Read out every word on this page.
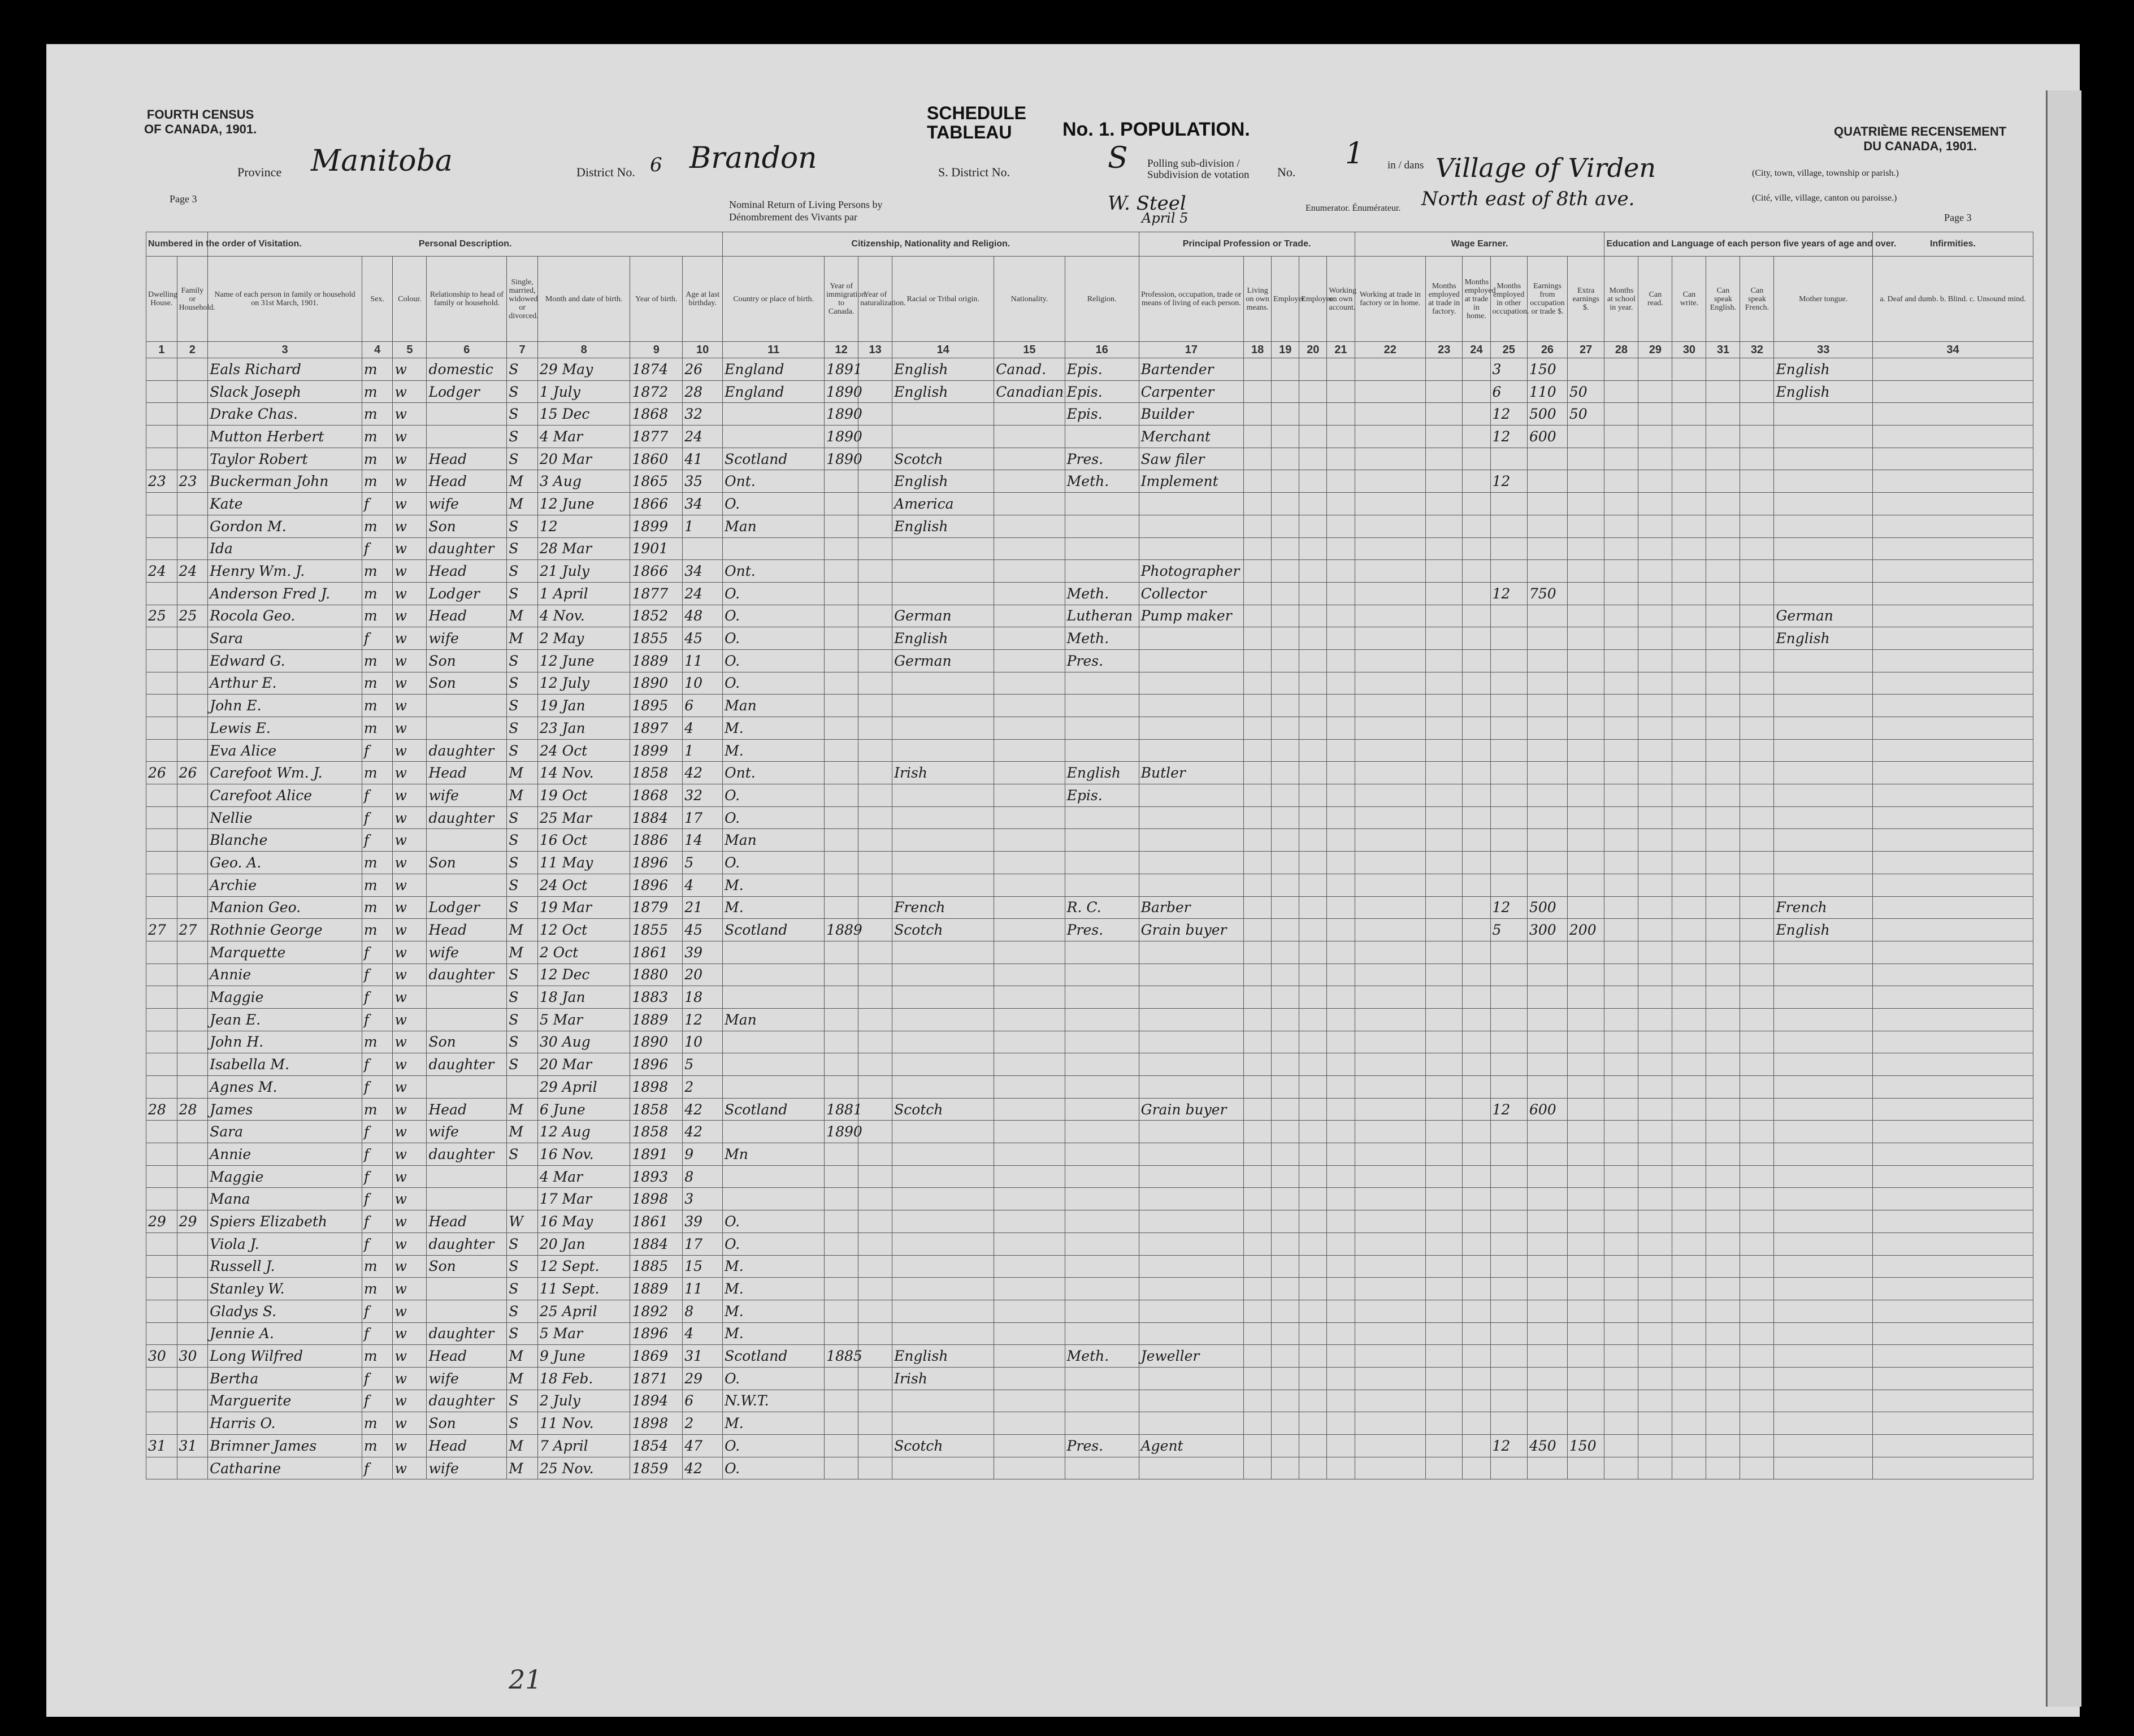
FOURTH CENSUS
OF CANADA, 1901.
SCHEDULE
TABLEAU	No. 1. POPULATION.	QUATRIÈME RECENSEMENT
DU CANADA, 1901.
Province Manitoba	District No. 6 Brandon	S. District No.	S Polling sub-division / Subdivision de votation	No.
1 in / dans Village of Virden
North east of 8th ave.
(City, town, village, township or parish.)
(Cité, ville, village, canton ou paroisse.)
Page 3
Page 3
Nominal Return of Living Persons by
Dénombrement des Vivants par
W. Steel
April 5
Enumerator. Énumérateur.
Numbered in the order of Visitation.		Personal Description.								Citizenship, Nationality and Religion.						Principal Profession or Trade.					Wage Earner.						Education and Language of each person five years of age and over.						Infirmities.
Dwelling House.	Family or Household.	Name of each person in family or household on 31st March, 1901.	Sex.	Colour.	Relationship to head of family or household.	Single, married, widowed or divorced.	Month and date of birth.	Year of birth.	Age at last birthday.	Country or place of birth.	Year of immigration to Canada.	Year of naturalization.	Racial or Tribal origin.	Nationality.	Religion.	Profession, occupation, trade or means of living of each person.	Living on own means.	Employer.	Employee.	Working on own account.	Working at trade in factory or in home.	Months employed at trade in factory.	Months employed at trade in home.	Months employed in other occupation.	Earnings from occupation or trade $.	Extra earnings $.	Months at school in year.	Can read.	Can write.	Can speak English.	Can speak French.	Mother tongue.	a. Deaf and dumb. b. Blind. c. Unsound mind.
1	2	3	4	5	6	7	8	9	10	11	12	13	14	15	16	17	18	19	20	21	22	23	24	25	26	27	28	29	30	31	32	33	34
		Eals Richard	m	w	domestic	S	29 May	1874	26	England	1891		English	Canad.	Epis.	Bartender								3	150							English	
		Slack Joseph	m	w	Lodger	S	1 July	1872	28	England	1890		English	Canadian	Epis.	Carpenter								6	110	50						English	
		Drake Chas.	m	w		S	15 Dec	1868	32		1890				Epis.	Builder								12	500	50							
		Mutton Herbert	m	w		S	4 Mar	1877	24		1890					Merchant								12	600								
		Taylor Robert	m	w	Head	S	20 Mar	1860	41	Scotland	1890		Scotch		Pres.	Saw filer																	
23	23	Buckerman John	m	w	Head	M	3 Aug	1865	35	Ont.			English		Meth.	Implement								12									
		Kate	f	w	wife	M	12 June	1866	34	O.			America																				
		Gordon M.	m	w	Son	S	12	1899	1	Man			English																				
		Ida	f	w	daughter	S	28 Mar	1901																									
24	24	Henry Wm. J.	m	w	Head	S	21 July	1866	34	Ont.						Photographer																	
		Anderson Fred J.	m	w	Lodger	S	1 April	1877	24	O.					Meth.	Collector								12	750								
25	25	Rocola Geo.	m	w	Head	M	4 Nov.	1852	48	O.			German		Lutheran	Pump maker																German	
		Sara	f	w	wife	M	2 May	1855	45	O.			English		Meth.																	English	
		Edward G.	m	w	Son	S	12 June	1889	11	O.			German		Pres.																		
		Arthur E.	m	w	Son	S	12 July	1890	10	O.																							
		John E.	m	w		S	19 Jan	1895	6	Man																							
		Lewis E.	m	w		S	23 Jan	1897	4	M.																							
		Eva Alice	f	w	daughter	S	24 Oct	1899	1	M.																							
26	26	Carefoot Wm. J.	m	w	Head	M	14 Nov.	1858	42	Ont.			Irish		English	Butler																	
		Carefoot Alice	f	w	wife	M	19 Oct	1868	32	O.					Epis.																		
		Nellie	f	w	daughter	S	25 Mar	1884	17	O.																							
		Blanche	f	w		S	16 Oct	1886	14	Man																							
		Geo. A.	m	w	Son	S	11 May	1896	5	O.																							
		Archie	m	w		S	24 Oct	1896	4	M.																							
		Manion Geo.	m	w	Lodger	S	19 Mar	1879	21	M.			French		R. C.	Barber								12	500							French	
27	27	Rothnie George	m	w	Head	M	12 Oct	1855	45	Scotland	1889		Scotch		Pres.	Grain buyer								5	300	200						English	
		Marquette	f	w	wife	M	2 Oct	1861	39																								
		Annie	f	w	daughter	S	12 Dec	1880	20																								
		Maggie	f	w		S	18 Jan	1883	18																								
		Jean E.	f	w		S	5 Mar	1889	12	Man																							
		John H.	m	w	Son	S	30 Aug	1890	10																								
		Isabella M.	f	w	daughter	S	20 Mar	1896	5																								
		Agnes M.	f	w			29 April	1898	2																								
28	28	James	m	w	Head	M	6 June	1858	42	Scotland	1881		Scotch			Grain buyer								12	600								
		Sara	f	w	wife	M	12 Aug	1858	42		1890																						
		Annie	f	w	daughter	S	16 Nov.	1891	9	Mn																							
		Maggie	f	w			4 Mar	1893	8																								
		Mana	f	w			17 Mar	1898	3																								
29	29	Spiers Elizabeth	f	w	Head	W	16 May	1861	39	O.																							
		Viola J.	f	w	daughter	S	20 Jan	1884	17	O.																							
		Russell J.	m	w	Son	S	12 Sept.	1885	15	M.																							
		Stanley W.	m	w		S	11 Sept.	1889	11	M.																							
		Gladys S.	f	w		S	25 April	1892	8	M.																							
		Jennie A.	f	w	daughter	S	5 Mar	1896	4	M.																							
30	30	Long Wilfred	m	w	Head	M	9 June	1869	31	Scotland	1885		English		Meth.	Jeweller																	
		Bertha	f	w	wife	M	18 Feb.	1871	29	O.			Irish																				
		Marguerite	f	w	daughter	S	2 July	1894	6	N.W.T.																							
		Harris O.	m	w	Son	S	11 Nov.	1898	2	M.																							
31	31	Brimner James	m	w	Head	M	7 April	1854	47	O.			Scotch		Pres.	Agent								12	450	150							
		Catharine	f	w	wife	M	25 Nov.	1859	42	O.																							
21
